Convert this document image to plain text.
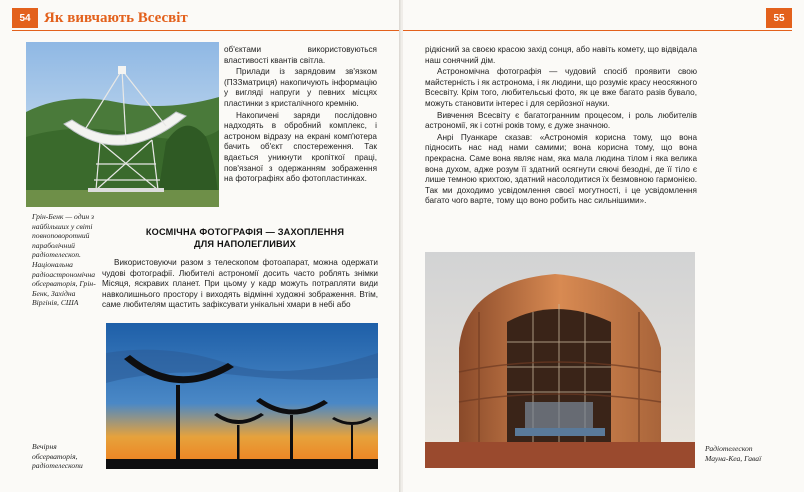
54 Як вивчають Всесвіт
Грін-Бенк — один з найбільших у світі повноповоротний параболічний радіотелескоп. Національна радіоастрономічна обсерваторія, Грін-Бенк, Західна Віргінія, США

об'єктами використовуються властивості квантів світла.

Прилади із зарядовим зв'язком (ПЗЗматриця) накопичують інформацію у вигляді напруги у певних місцях пластинки з кристалічного кремнію.

Накопичені заряди послідовно надходять в обробний комплекс, і астроном відразу на екрані комп'ютера бачить об'єкт спостереження. Так вдається уникнути кропіткої праці, пов'язаної з одержанням зображення на фотографіях або фотопластинках.

КОСМІЧНА ФОТОГРАФІЯ — ЗАХОПЛЕННЯ ДЛЯ НАПОЛЕГЛИВИХ

Використовуючи разом з телескопом фотоапарат, можна одержати чудові фотографії. Любителі астрономії досить часто роблять знімки Місяця, яскравих планет. При цьому у кадр можуть потрапляти види навколишнього простору і виходять відмінні художні зображення. Втім, саме любителям щастить зафіксувати унікальні хмари в небі або

Вечірня обсерваторія, радіотелескопи
55

рідкісний за своєю красою захід сонця, або навіть комету, що відвідала наш сонячний дім.

Астрономічна фотографія — чудовий спосіб проявити свою майстерність і як астронома, і як людини, що розуміє красу неосяжного Всесвіту. Крім того, любительські фото, як це вже багато разів бувало, можуть становити інтерес і для серйозної науки.

Вивчення Всесвіту є багатогранним процесом, і роль любителів астрономії, як і сотні років тому, є дуже значною.

Анрі Пуанкаре сказав: «Астрономія корисна тому, що вона підносить нас над нами самими; вона корисна тому, що вона прекрасна. Саме вона являє нам, яка мала людина тілом і яка велика вона духом, адже розум її здатний осягнути сяючі безодні, де її тіло є лише темною крихтою, здатний насолодитися їх безмовною гармонією. Так ми доходимо усвідомлення своєї могутності, і це усвідомлення багато чого варте, тому що воно робить нас сильнішими».

Радіотелескоп Мауна-Кеа, Гаваї
